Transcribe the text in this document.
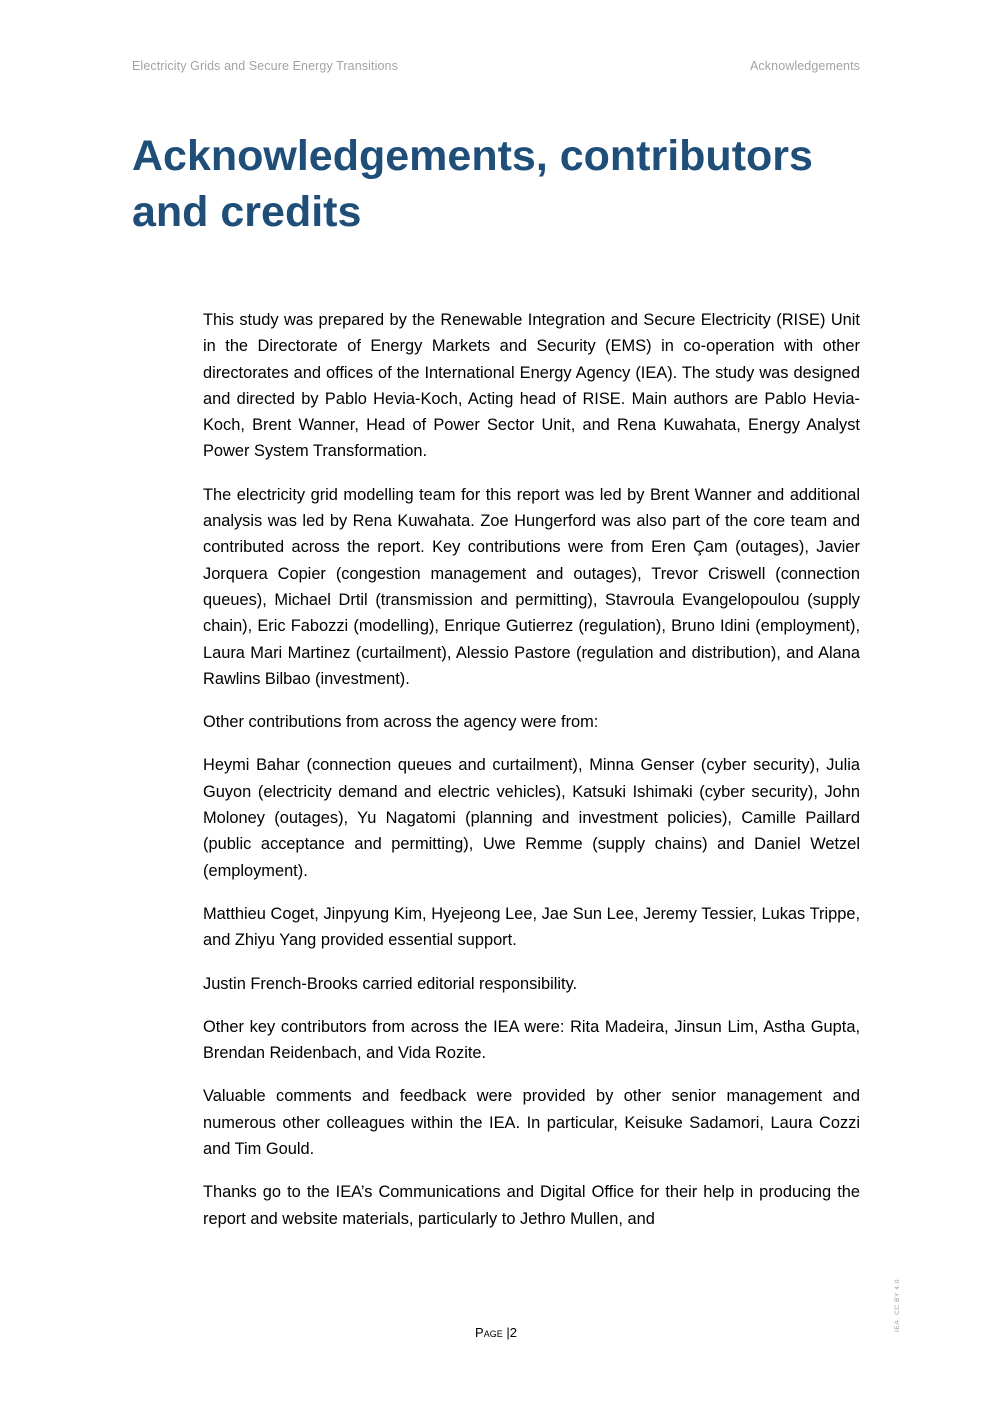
Electricity Grids and Secure Energy Transitions	Acknowledgements
Acknowledgements, contributors
and credits

This study was prepared by the Renewable Integration and Secure Electricity (RISE) Unit in the Directorate of Energy Markets and Security (EMS) in co-operation with other directorates and offices of the International Energy Agency (IEA). The study was designed and directed by Pablo Hevia-Koch, Acting head of RISE. Main authors are Pablo Hevia-Koch, Brent Wanner, Head of Power Sector Unit, and Rena Kuwahata, Energy Analyst Power System Transformation.

The electricity grid modelling team for this report was led by Brent Wanner and additional analysis was led by Rena Kuwahata. Zoe Hungerford was also part of the core team and contributed across the report. Key contributions were from Eren Çam (outages), Javier Jorquera Copier (congestion management and outages), Trevor Criswell (connection queues), Michael Drtil (transmission and permitting), Stavroula Evangelopoulou (supply chain), Eric Fabozzi (modelling), Enrique Gutierrez (regulation), Bruno Idini (employment), Laura Mari Martinez (curtailment), Alessio Pastore (regulation and distribution), and Alana Rawlins Bilbao (investment).

Other contributions from across the agency were from:

Heymi Bahar (connection queues and curtailment), Minna Genser (cyber security), Julia Guyon (electricity demand and electric vehicles), Katsuki Ishimaki (cyber security), John Moloney (outages), Yu Nagatomi (planning and investment policies), Camille Paillard (public acceptance and permitting), Uwe Remme (supply chains) and Daniel Wetzel (employment).

Matthieu Coget, Jinpyung Kim, Hyejeong Lee, Jae Sun Lee, Jeremy Tessier, Lukas Trippe, and Zhiyu Yang provided essential support.

Justin French-Brooks carried editorial responsibility.

Other key contributors from across the IEA were: Rita Madeira, Jinsun Lim, Astha Gupta, Brendan Reidenbach, and Vida Rozite.

Valuable comments and feedback were provided by other senior management and numerous other colleagues within the IEA. In particular, Keisuke Sadamori, Laura Cozzi and Tim Gould.

Thanks go to the IEA’s Communications and Digital Office for their help in producing the report and website materials, particularly to Jethro Mullen, and

Page |2
IEA. CC BY 4.0.
